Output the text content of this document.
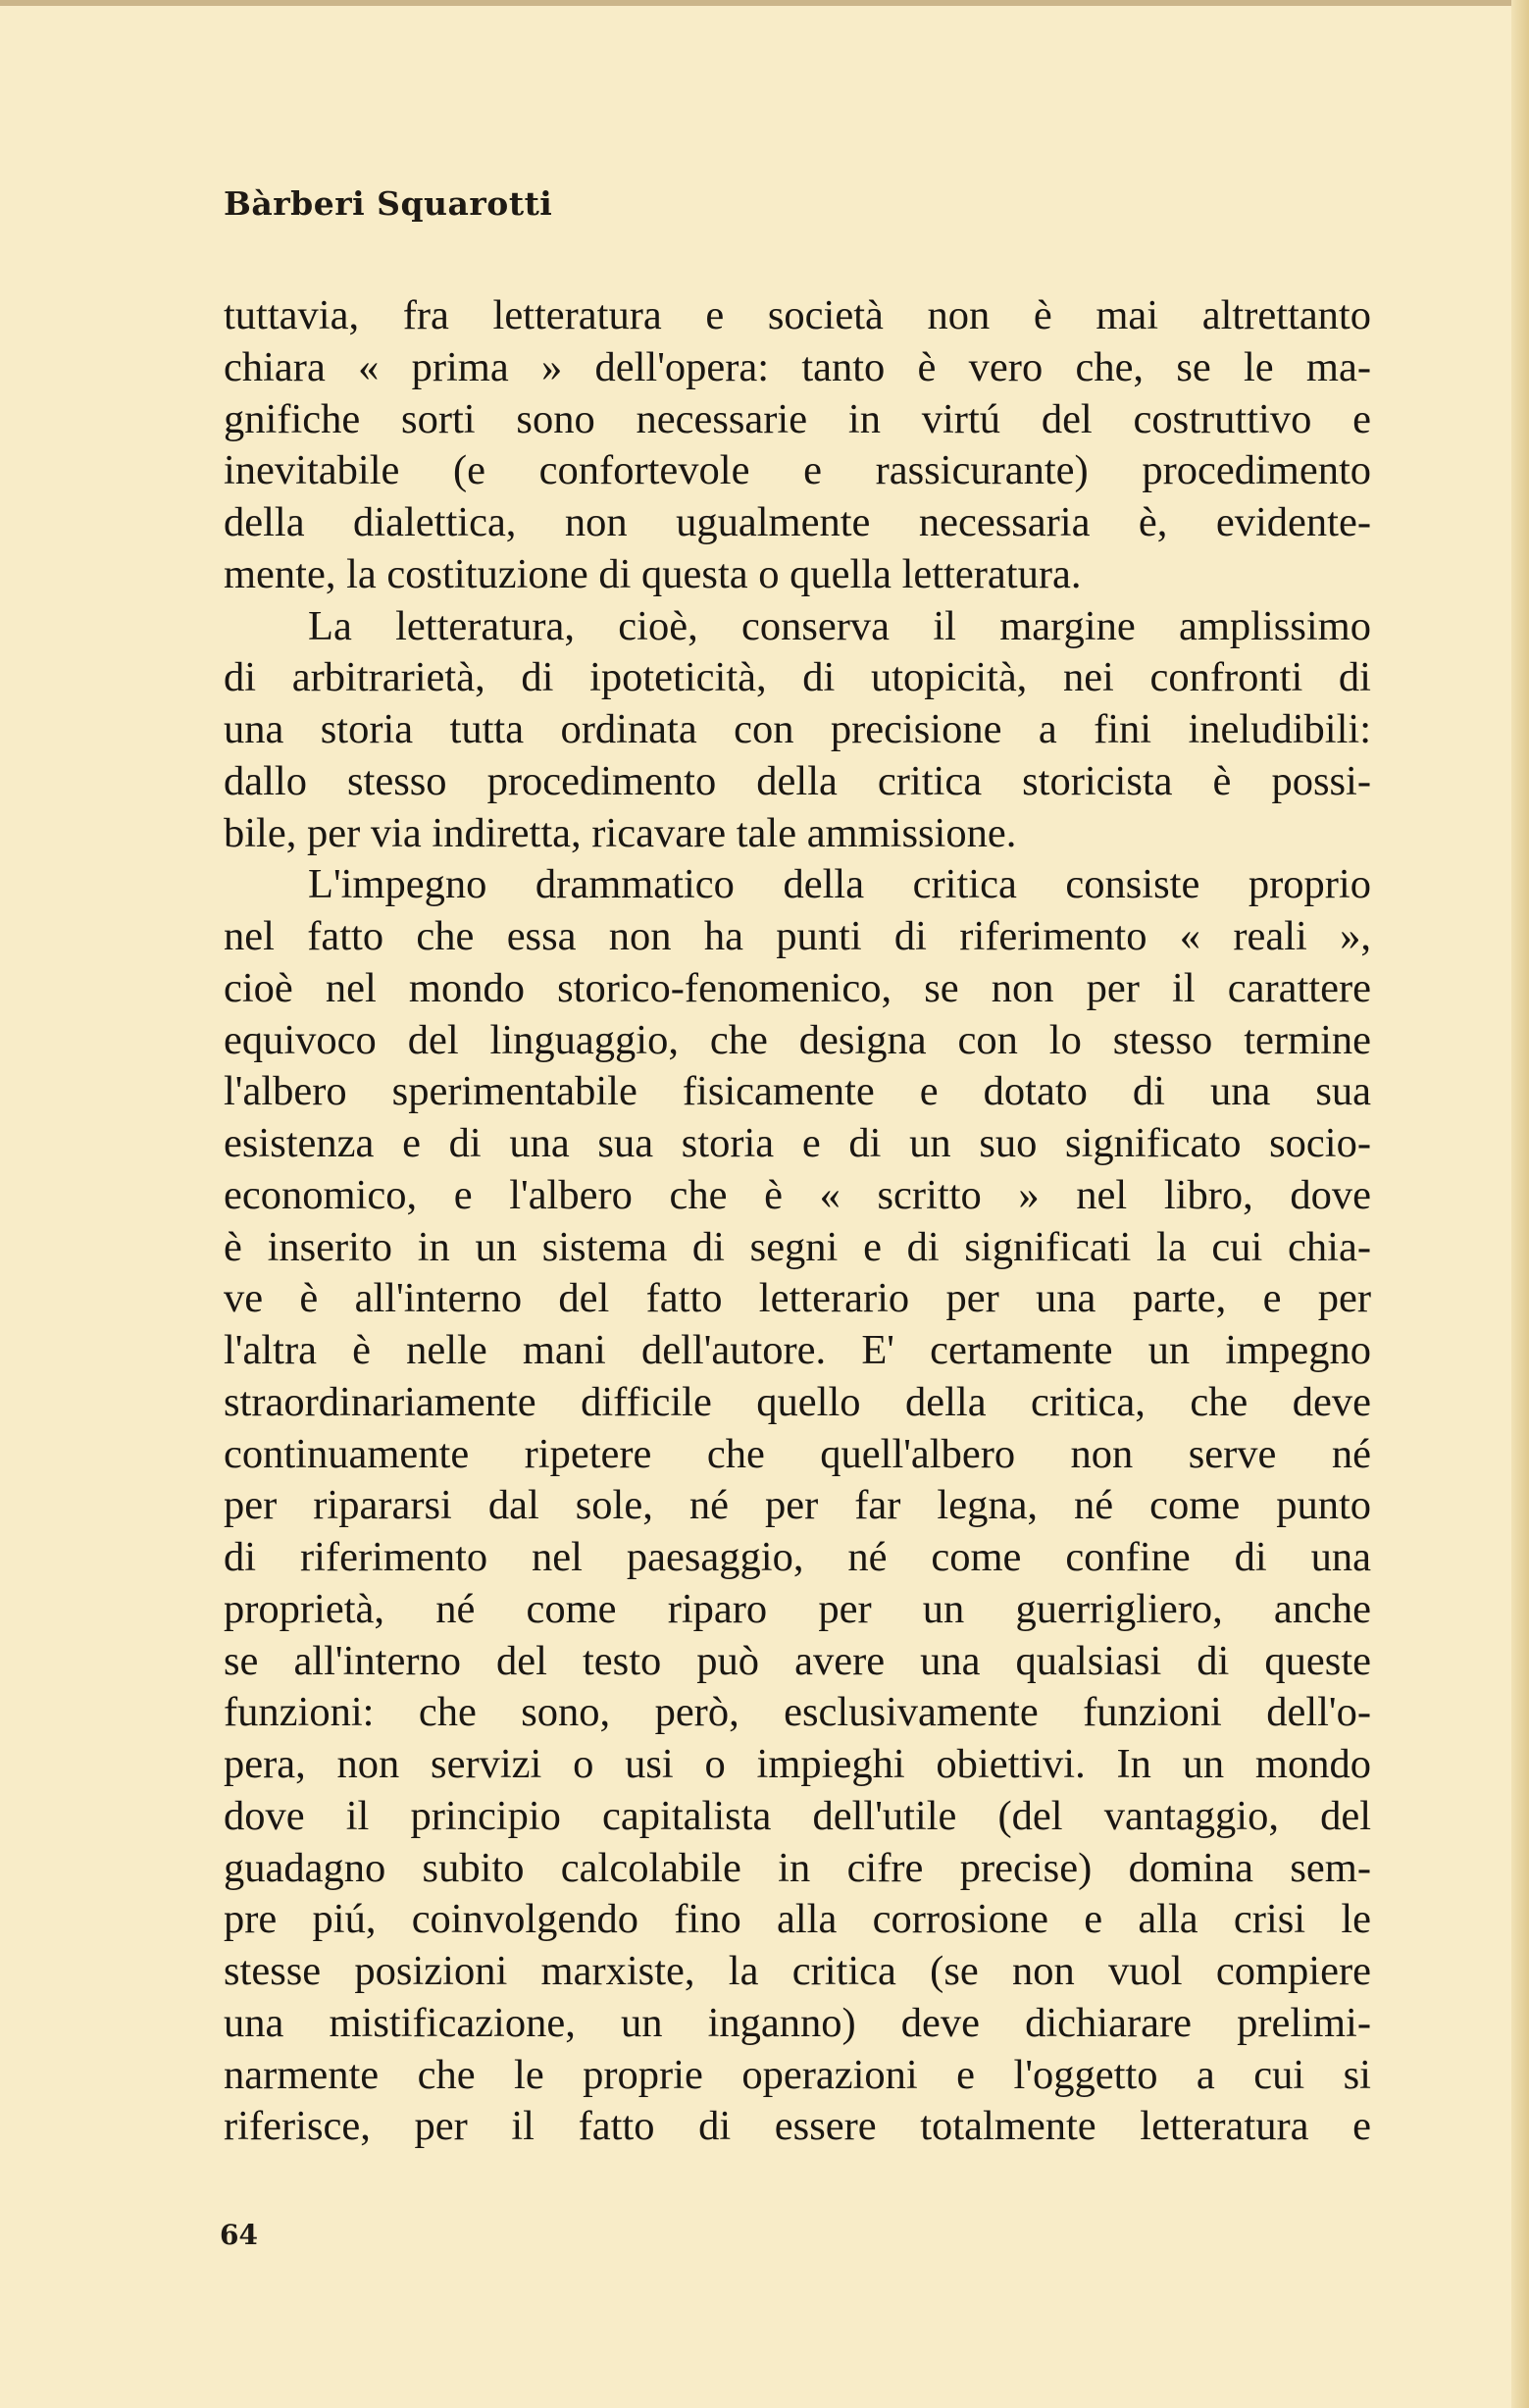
Bàrberi Squarotti
tuttavia, fra letteratura e società non è mai altrettanto
chiara « prima » dell'opera: tanto è vero che, se le ma-
gnifiche sorti sono necessarie in virtú del costruttivo e
inevitabile (e confortevole e rassicurante) procedimento
della dialettica, non ugualmente necessaria è, evidente-
mente, la costituzione di questa o quella letteratura.
La letteratura, cioè, conserva il margine amplissimo
di arbitrarietà, di ipoteticità, di utopicità, nei confronti di
una storia tutta ordinata con precisione a fini ineludibili:
dallo stesso procedimento della critica storicista è possi-
bile, per via indiretta, ricavare tale ammissione.
L'impegno drammatico della critica consiste proprio
nel fatto che essa non ha punti di riferimento « reali »,
cioè nel mondo storico-fenomenico, se non per il carattere
equivoco del linguaggio, che designa con lo stesso termine
l'albero sperimentabile fisicamente e dotato di una sua
esistenza e di una sua storia e di un suo significato socio-
economico, e l'albero che è « scritto » nel libro, dove
è inserito in un sistema di segni e di significati la cui chia-
ve è all'interno del fatto letterario per una parte, e per
l'altra è nelle mani dell'autore. E' certamente un impegno
straordinariamente difficile quello della critica, che deve
continuamente ripetere che quell'albero non serve né
per ripararsi dal sole, né per far legna, né come punto
di riferimento nel paesaggio, né come confine di una
proprietà, né come riparo per un guerrigliero, anche
se all'interno del testo può avere una qualsiasi di queste
funzioni: che sono, però, esclusivamente funzioni dell'o-
pera, non servizi o usi o impieghi obiettivi. In un mondo
dove il principio capitalista dell'utile (del vantaggio, del
guadagno subito calcolabile in cifre precise) domina sem-
pre piú, coinvolgendo fino alla corrosione e alla crisi le
stesse posizioni marxiste, la critica (se non vuol compiere
una mistificazione, un inganno) deve dichiarare prelimi-
narmente che le proprie operazioni e l'oggetto a cui si
riferisce, per il fatto di essere totalmente letteratura e
64
